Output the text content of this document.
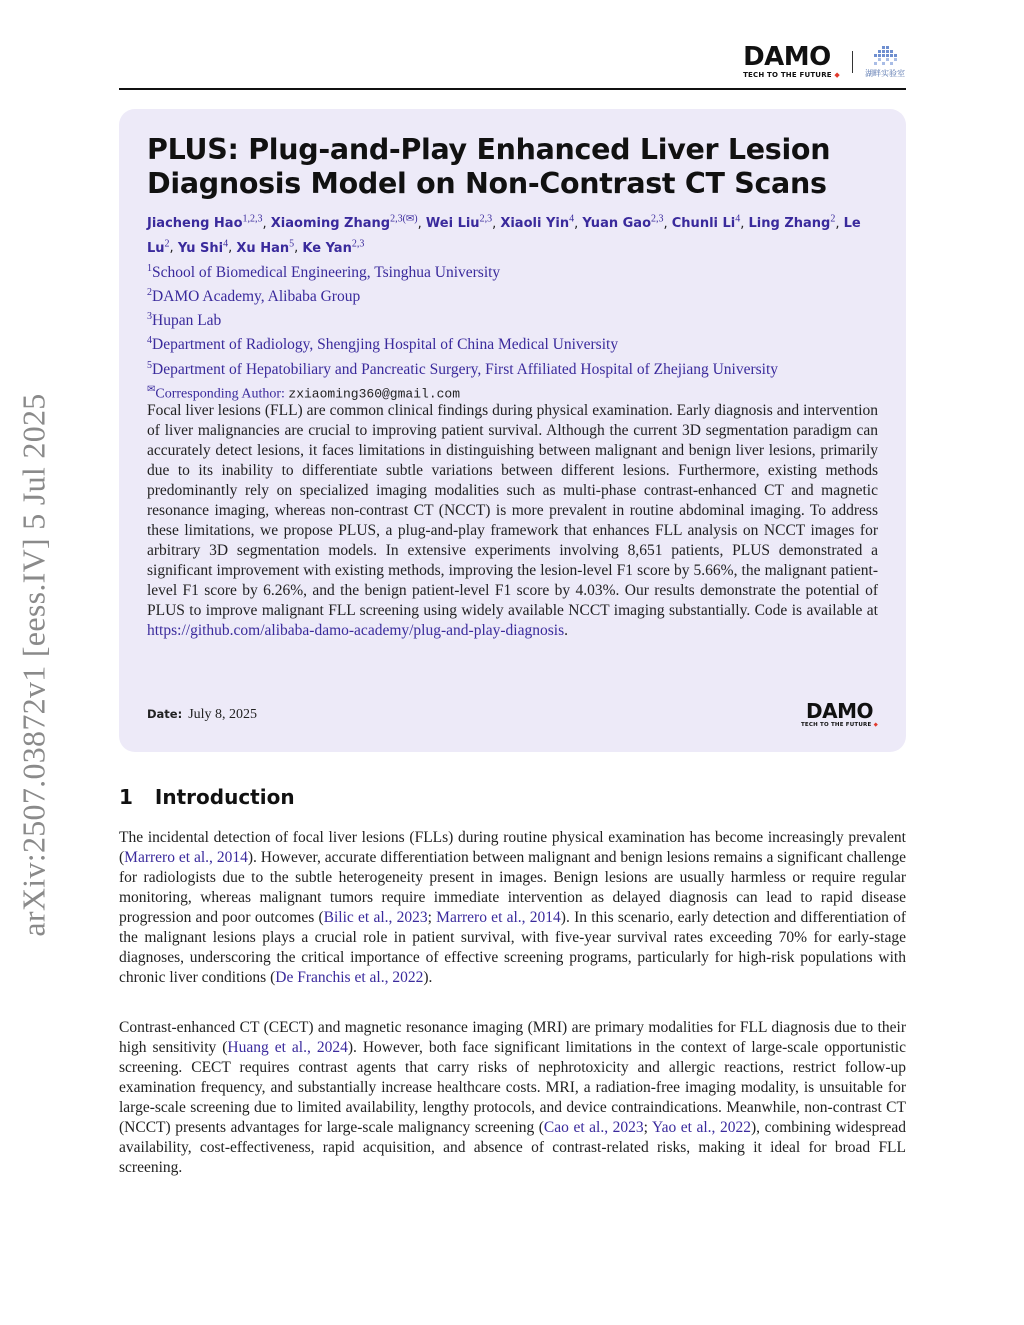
arXiv:2507.03872v1 [eess.IV] 5 Jul 2025
DAMO
TECH TO THE FUTURE ◆	湖畔实验室
PLUS: Plug-and-Play Enhanced Liver Lesion Diagnosis Model on Non-Contrast CT Scans
Jiacheng Hao$^{1,2,3}$, Xiaoming Zhang$^{2,3(✉)}$, Wei Liu$^{2,3}$, Xiaoli Yin$^4$, Yuan Gao$^{2,3}$, Chunli Li$^4$, Ling Zhang$^2$, Le Lu$^2$, Yu Shi$^4$, Xu Han$^5$, Ke Yan$^{2,3}$
$^1$School of Biomedical Engineering, Tsinghua University
$^2$DAMO Academy, Alibaba Group
$^3$Hupan Lab
$^4$Department of Radiology, Shengjing Hospital of China Medical University
$^5$Department of Hepatobiliary and Pancreatic Surgery, First Affiliated Hospital of Zhejiang University
✉Corresponding Author: zxiaoming360@gmail.com

Focal liver lesions (FLL) are common clinical findings during physical examination. Early diagnosis and intervention of liver malignancies are crucial to improving patient survival. Although the current 3D segmentation paradigm can accurately detect lesions, it faces limitations in distinguishing between malignant and benign liver lesions, primarily due to its inability to differentiate subtle variations between different lesions. Furthermore, existing methods predominantly rely on specialized imaging modalities such as multi-phase contrast-enhanced CT and magnetic resonance imaging, whereas non-contrast CT (NCCT) is more prevalent in routine abdominal imaging. To address these limitations, we propose PLUS, a plug-and-play framework that enhances FLL analysis on NCCT images for arbitrary 3D segmentation models. In extensive experiments involving 8,651 patients, PLUS demonstrated a significant improvement with existing methods, improving the lesion-level F1 score by 5.66%, the malignant patient-level F1 score by 6.26%, and the benign patient-level F1 score by 4.03%. Our results demonstrate the potential of PLUS to improve malignant FLL screening using widely available NCCT imaging substantially. Code is available at https://github.com/alibaba-damo-academy/plug-and-play-diagnosis.

Date: July 8, 2025	DAMO
TECH TO THE FUTURE ◆
1 Introduction

The incidental detection of focal liver lesions (FLLs) during routine physical examination has become increasingly prevalent (Marrero et al., 2014). However, accurate differentiation between malignant and benign lesions remains a significant challenge for radiologists due to the subtle heterogeneity present in images. Benign lesions are usually harmless or require regular monitoring, whereas malignant tumors require immediate intervention as delayed diagnosis can lead to rapid disease progression and poor outcomes (Bilic et al., 2023; Marrero et al., 2014). In this scenario, early detection and differentiation of the malignant lesions plays a crucial role in patient survival, with five-year survival rates exceeding 70% for early-stage diagnoses, underscoring the critical importance of effective screening programs, particularly for high-risk populations with chronic liver conditions (De Franchis et al., 2022).

Contrast-enhanced CT (CECT) and magnetic resonance imaging (MRI) are primary modalities for FLL diagnosis due to their high sensitivity (Huang et al., 2024). However, both face significant limitations in the context of large-scale opportunistic screening. CECT requires contrast agents that carry risks of nephrotoxicity and allergic reactions, restrict follow-up examination frequency, and substantially increase healthcare costs. MRI, a radiation-free imaging modality, is unsuitable for large-scale screening due to limited availability, lengthy protocols, and device contraindications. Meanwhile, non-contrast CT (NCCT) presents advantages for large-scale malignancy screening (Cao et al., 2023; Yao et al., 2022), combining widespread availability, cost-effectiveness, rapid acquisition, and absence of contrast-related risks, making it ideal for broad FLL screening.
